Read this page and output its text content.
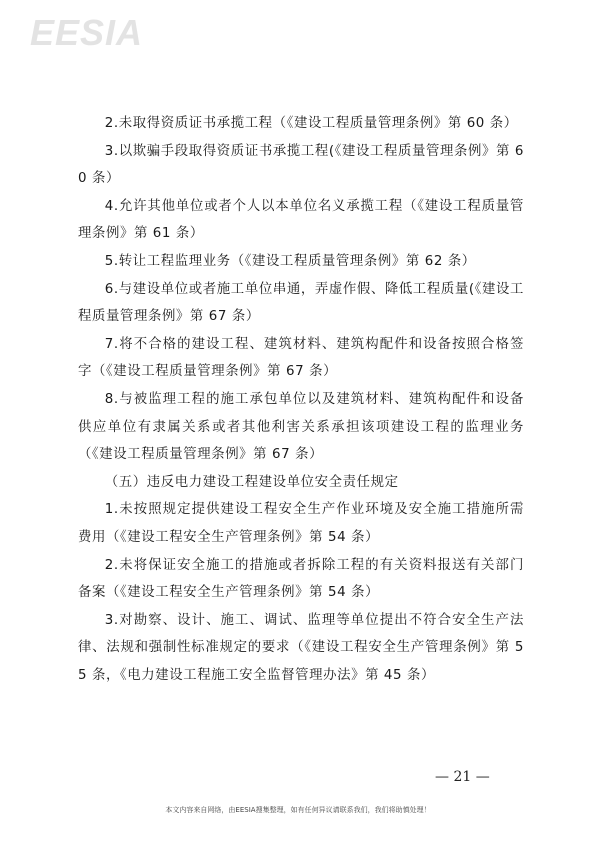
EESIA

2.未取得资质证书承揽工程（《建设工程质量管理条例》第 60 条）

3.以欺骗手段取得资质证书承揽工程(《建设工程质量管理条例》第 60 条）

4.允许其他单位或者个人以本单位名义承揽工程（《建设工程质量管理条例》第 61 条）

5.转让工程监理业务（《建设工程质量管理条例》第 62 条）

6.与建设单位或者施工单位串通，弄虚作假、降低工程质量(《建设工程质量管理条例》第 67 条）

7.将不合格的建设工程、建筑材料、建筑构配件和设备按照合格签字（《建设工程质量管理条例》第 67 条）

8.与被监理工程的施工承包单位以及建筑材料、建筑构配件和设备供应单位有隶属关系或者其他利害关系承担该项建设工程的监理业务（《建设工程质量管理条例》第 67 条）

（五）违反电力建设工程建设单位安全责任规定

1.未按照规定提供建设工程安全生产作业环境及安全施工措施所需费用（《建设工程安全生产管理条例》第 54 条）

2.未将保证安全施工的措施或者拆除工程的有关资料报送有关部门备案（《建设工程安全生产管理条例》第 54 条）

3.对勘察、设计、施工、调试、监理等单位提出不符合安全生产法律、法规和强制性标准规定的要求（《建设工程安全生产管理条例》第 55 条，《电力建设工程施工安全监督管理办法》第 45 条）

— 21 —
本文内容来自网络，由EESIA搜集整理，如有任何异议请联系我们，我们将助慎处理！
